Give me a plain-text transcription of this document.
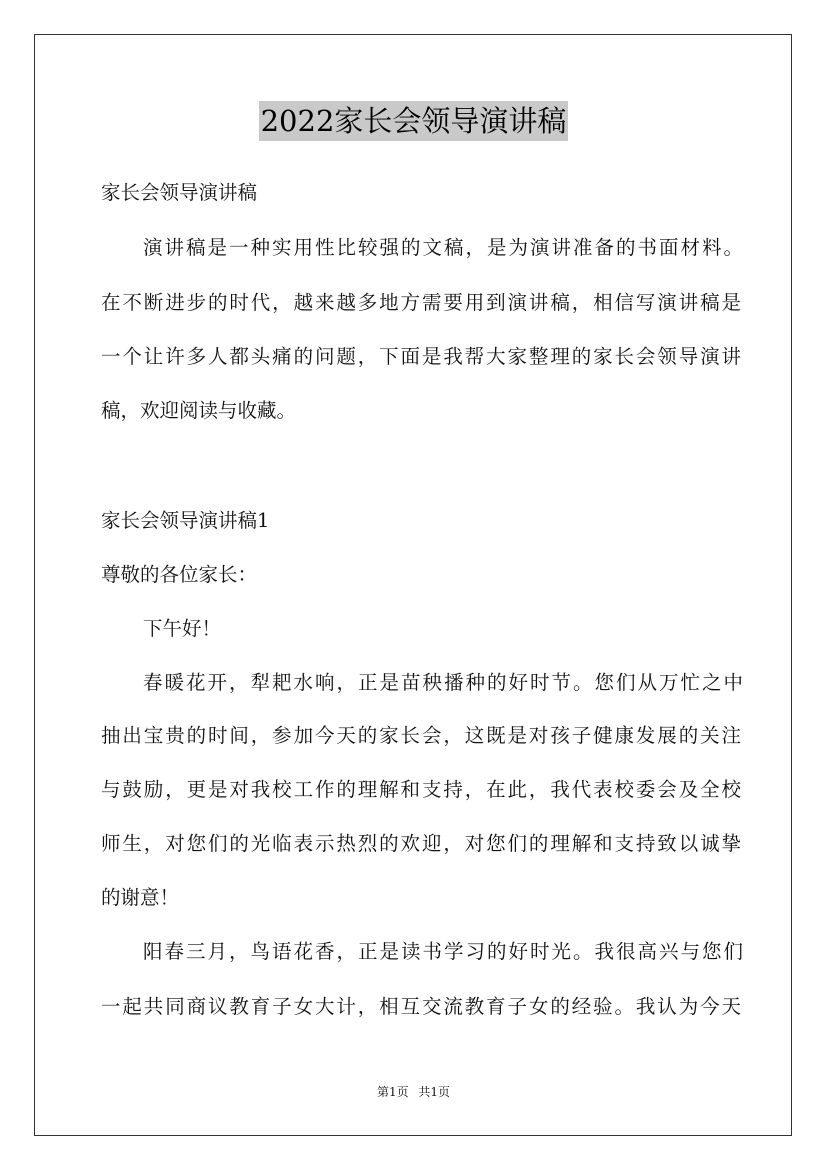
2022家长会领导演讲稿
家长会领导演讲稿
演讲稿是一种实用性比较强的文稿，是为演讲准备的书面材料。
在不断进步的时代，越来越多地方需要用到演讲稿，相信写演讲稿是
一个让许多人都头痛的问题，下面是我帮大家整理的家长会领导演讲
稿，欢迎阅读与收藏。
家长会领导演讲稿1
尊敬的各位家长：
下午好！
春暖花开，犁耙水响，正是苗秧播种的好时节。您们从万忙之中
抽出宝贵的时间，参加今天的家长会，这既是对孩子健康发展的关注
与鼓励，更是对我校工作的理解和支持，在此，我代表校委会及全校
师生，对您们的光临表示热烈的欢迎，对您们的理解和支持致以诚挚
的谢意！
阳春三月，鸟语花香，正是读书学习的好时光。我很高兴与您们
一起共同商议教育子女大计，相互交流教育子女的经验。我认为今天
第1页 共1页
